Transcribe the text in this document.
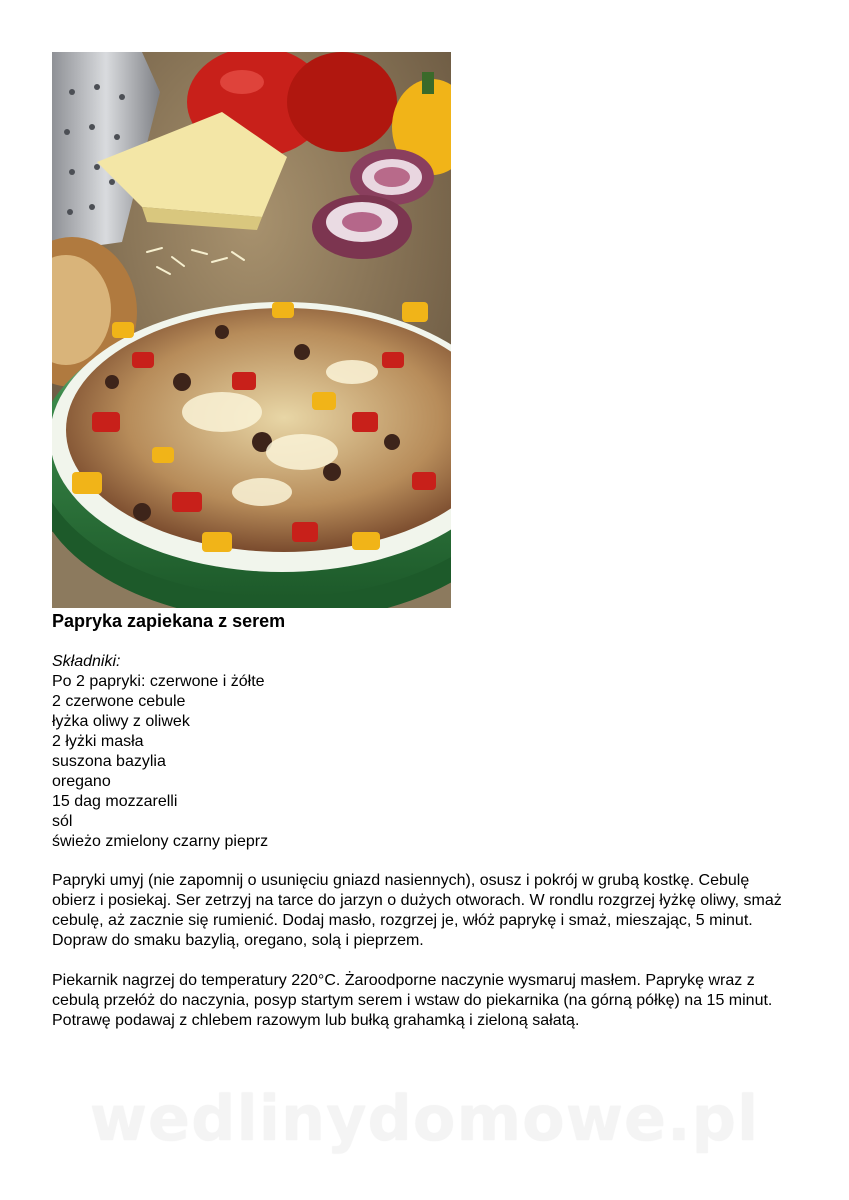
Papryka zapiekana z serem
Składniki:
Po 2 papryki: czerwone i żółte
2 czerwone cebule
łyżka oliwy z oliwek
2 łyżki masła
suszona bazylia
oregano
15 dag mozzarelli
sól
świeżo zmielony czarny pieprz

Papryki umyj (nie zapomnij o usunięciu gniazd nasiennych), osusz i pokrój w grubą kostkę. Cebulę obierz i posiekaj. Ser zetrzyj na tarce do jarzyn o dużych otworach. W rondlu rozgrzej łyżkę oliwy, smaż cebulę, aż zacznie się rumienić. Dodaj masło, rozgrzej je, włóż paprykę i smaż, mieszając, 5 minut. Dopraw do smaku bazylią, oregano, solą i pieprzem.

Piekarnik nagrzej do temperatury 220°C. Żaroodporne naczynie wysmaruj masłem. Paprykę wraz z cebulą przełóż do naczynia, posyp startym serem i wstaw do piekarnika (na górną półkę) na 15 minut. Potrawę podawaj z chlebem razowym lub bułką grahamką i zieloną sałatą.

wedlinydomowe.pl
